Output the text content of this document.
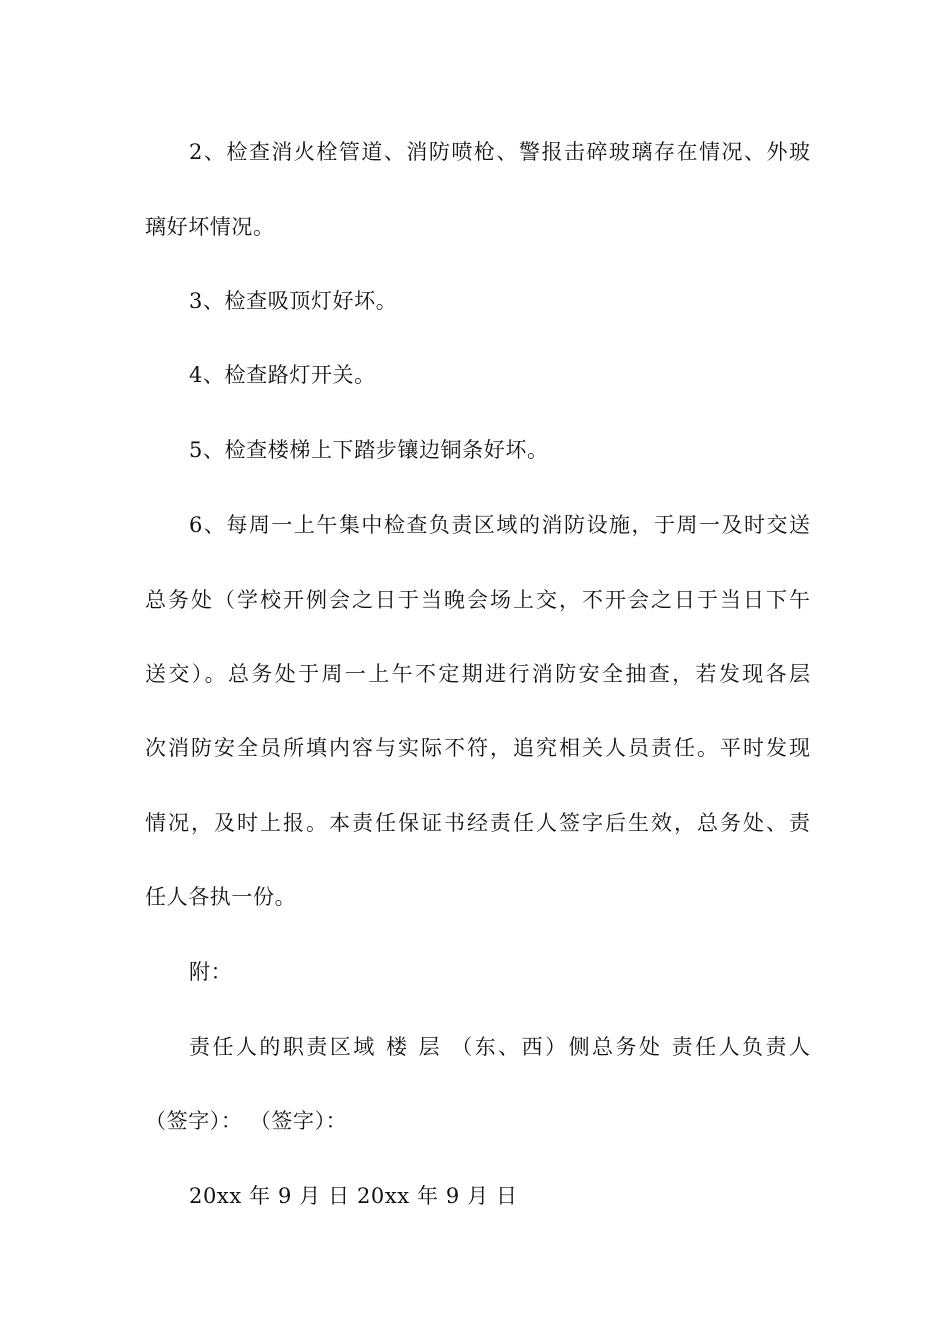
2、检查消火栓管道、消防喷枪、警报击碎玻璃存在情况、外玻
璃好坏情况。
3、检查吸顶灯好坏。
4、检查路灯开关。
5、检查楼梯上下踏步镶边铜条好坏。
6、每周一上午集中检查负责区域的消防设施，于周一及时交送
总务处（学校开例会之日于当晚会场上交，不开会之日于当日下午
送交）。总务处于周一上午不定期进行消防安全抽查，若发现各层
次消防安全员所填内容与实际不符，追究相关人员责任。平时发现
情况，及时上报。本责任保证书经责任人签字后生效，总务处、责
任人各执一份。
附：
责任人的职责区域 楼 层 （东、西）侧总务处 责任人负责人
（签字）： （签字）：
20xx 年 9 月 日 20xx 年 9 月 日
